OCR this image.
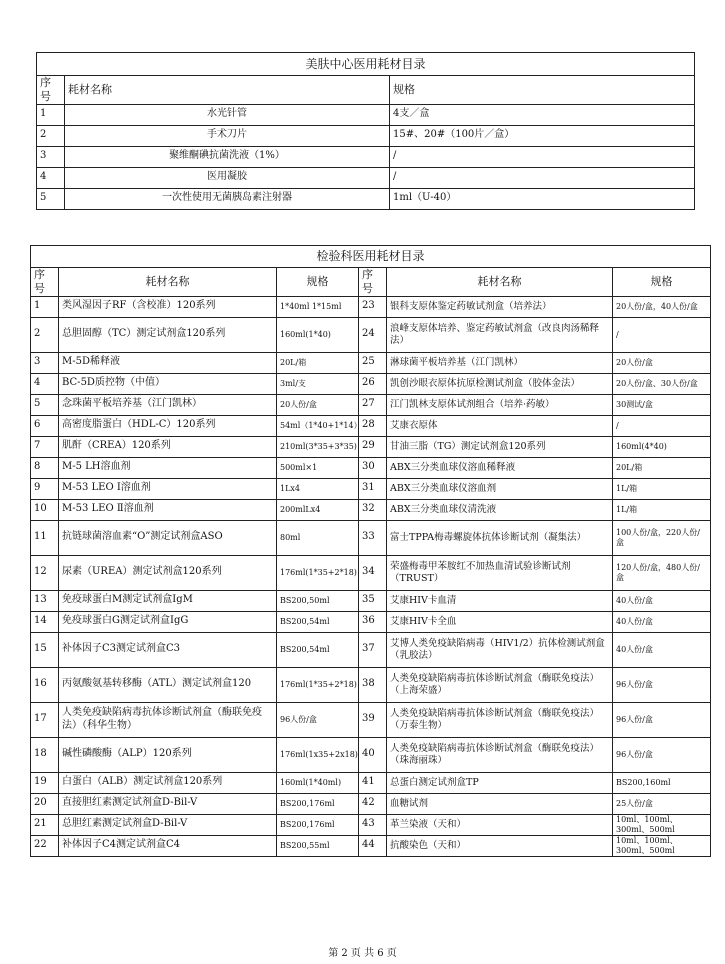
美肤中心医用耗材目录		
序号	耗材名称	规格
1	水光针管	4支／盒
2	手术刀片	15#、20#（100片／盒）
3	聚维酮碘抗菌洗液（1%）	/
4	医用凝胶	/
5	一次性使用无菌胰岛素注射器	1ml（U-40）
检验科医用耗材目录					
序号	耗材名称	规格	序号	耗材名称	规格
1	类风湿因子RF（含校准）120系列	1*40ml 1*15ml	23	银科支原体鉴定药敏试剂盒（培养法）	20人份/盒，40人份/盒
2	总胆固醇（TC）测定试剂盒120系列	160ml(1*40)	24	浪峰支原体培养、鉴定药敏试剂盒（改良肉汤稀释法）	/
3	M-5D稀释液	20L/箱	25	淋球菌平板培养基（江门凯林）	20人份/盒
4	BC-5D质控物（中值）	3ml/支	26	凯创沙眼衣原体抗原检测试剂盒（胶体金法）	20人份/盒、30人份/盒
5	念珠菌平板培养基（江门凯林）	20人份/盒	27	江门凯林支原体试剂组合（培养·药敏）	30测试/盒
6	高密度脂蛋白（HDL-C）120系列	54ml（1*40+1*14）	28	艾康衣原体	/
7	肌酐（CREA）120系列	210ml(3*35+3*35)	29	甘油三脂（TG）测定试剂盒120系列	160ml(4*40)
8	M-5 LH溶血剂	500ml×1	30	ABX三分类血球仪溶血稀释液	20L/箱
9	M-53 LEO Ⅰ溶血剂	1Lx4	31	ABX三分类血球仪溶血剂	1L/箱
10	M-53 LEO Ⅱ溶血剂	200mlLx4	32	ABX三分类血球仪清洗液	1L/箱
11	抗链球菌溶血素“O”测定试剂盒ASO	80ml	33	富士TPPA梅毒螺旋体抗体诊断试剂（凝集法）	100人份/盒，220人份/盒
12	尿素（UREA）测定试剂盒120系列	176ml(1*35+2*18)	34	荣盛梅毒甲苯胺红不加热血清试验诊断试剂（TRUST）	120人份/盒，480人份/盒
13	免疫球蛋白M测定试剂盒IgM	BS200,50ml	35	艾康HIV卡血清	40人份/盒
14	免疫球蛋白G测定试剂盒IgG	BS200,54ml	36	艾康HIV卡全血	40人份/盒
15	补体因子C3测定试剂盒C3	BS200,54ml	37	艾博人类免疫缺陷病毒（HIV1/2）抗体检测试剂盒　（乳胶法）	40人份/盒
16	丙氨酸氨基转移酶（ATL）测定试剂盒120	176ml(1*35+2*18)	38	人类免疫缺陷病毒抗体诊断试剂盒（酶联免疫法）（上海荣盛）	96人份/盒
17	人类免疫缺陷病毒抗体诊断试剂盒（酶联免疫法）（科华生物）	96人份/盒	39	人类免疫缺陷病毒抗体诊断试剂盒（酶联免疫法）（万泰生物）	96人份/盒
18	碱性磷酸酶（ALP）120系列	176ml(1x35+2x18)	40	人类免疫缺陷病毒抗体诊断试剂盒（酶联免疫法）（珠海丽珠）	96人份/盒
19	白蛋白（ALB）测定试剂盒120系列	160ml(1*40ml)	41	总蛋白测定试剂盒TP	BS200,160ml
20	直接胆红素测定试剂盒D-Bil-V	BS200,176ml	42	血糖试剂	25人份/盒
21	总胆红素测定试剂盒D-Bil-V	BS200,176ml	43	革兰染液（天和）	10ml、100ml、300ml、500ml
22	补体因子C4测定试剂盒C4	BS200,55ml	44	抗酸染色（天和）	10ml、100ml、300ml、500ml
第 2 页 共 6 页
